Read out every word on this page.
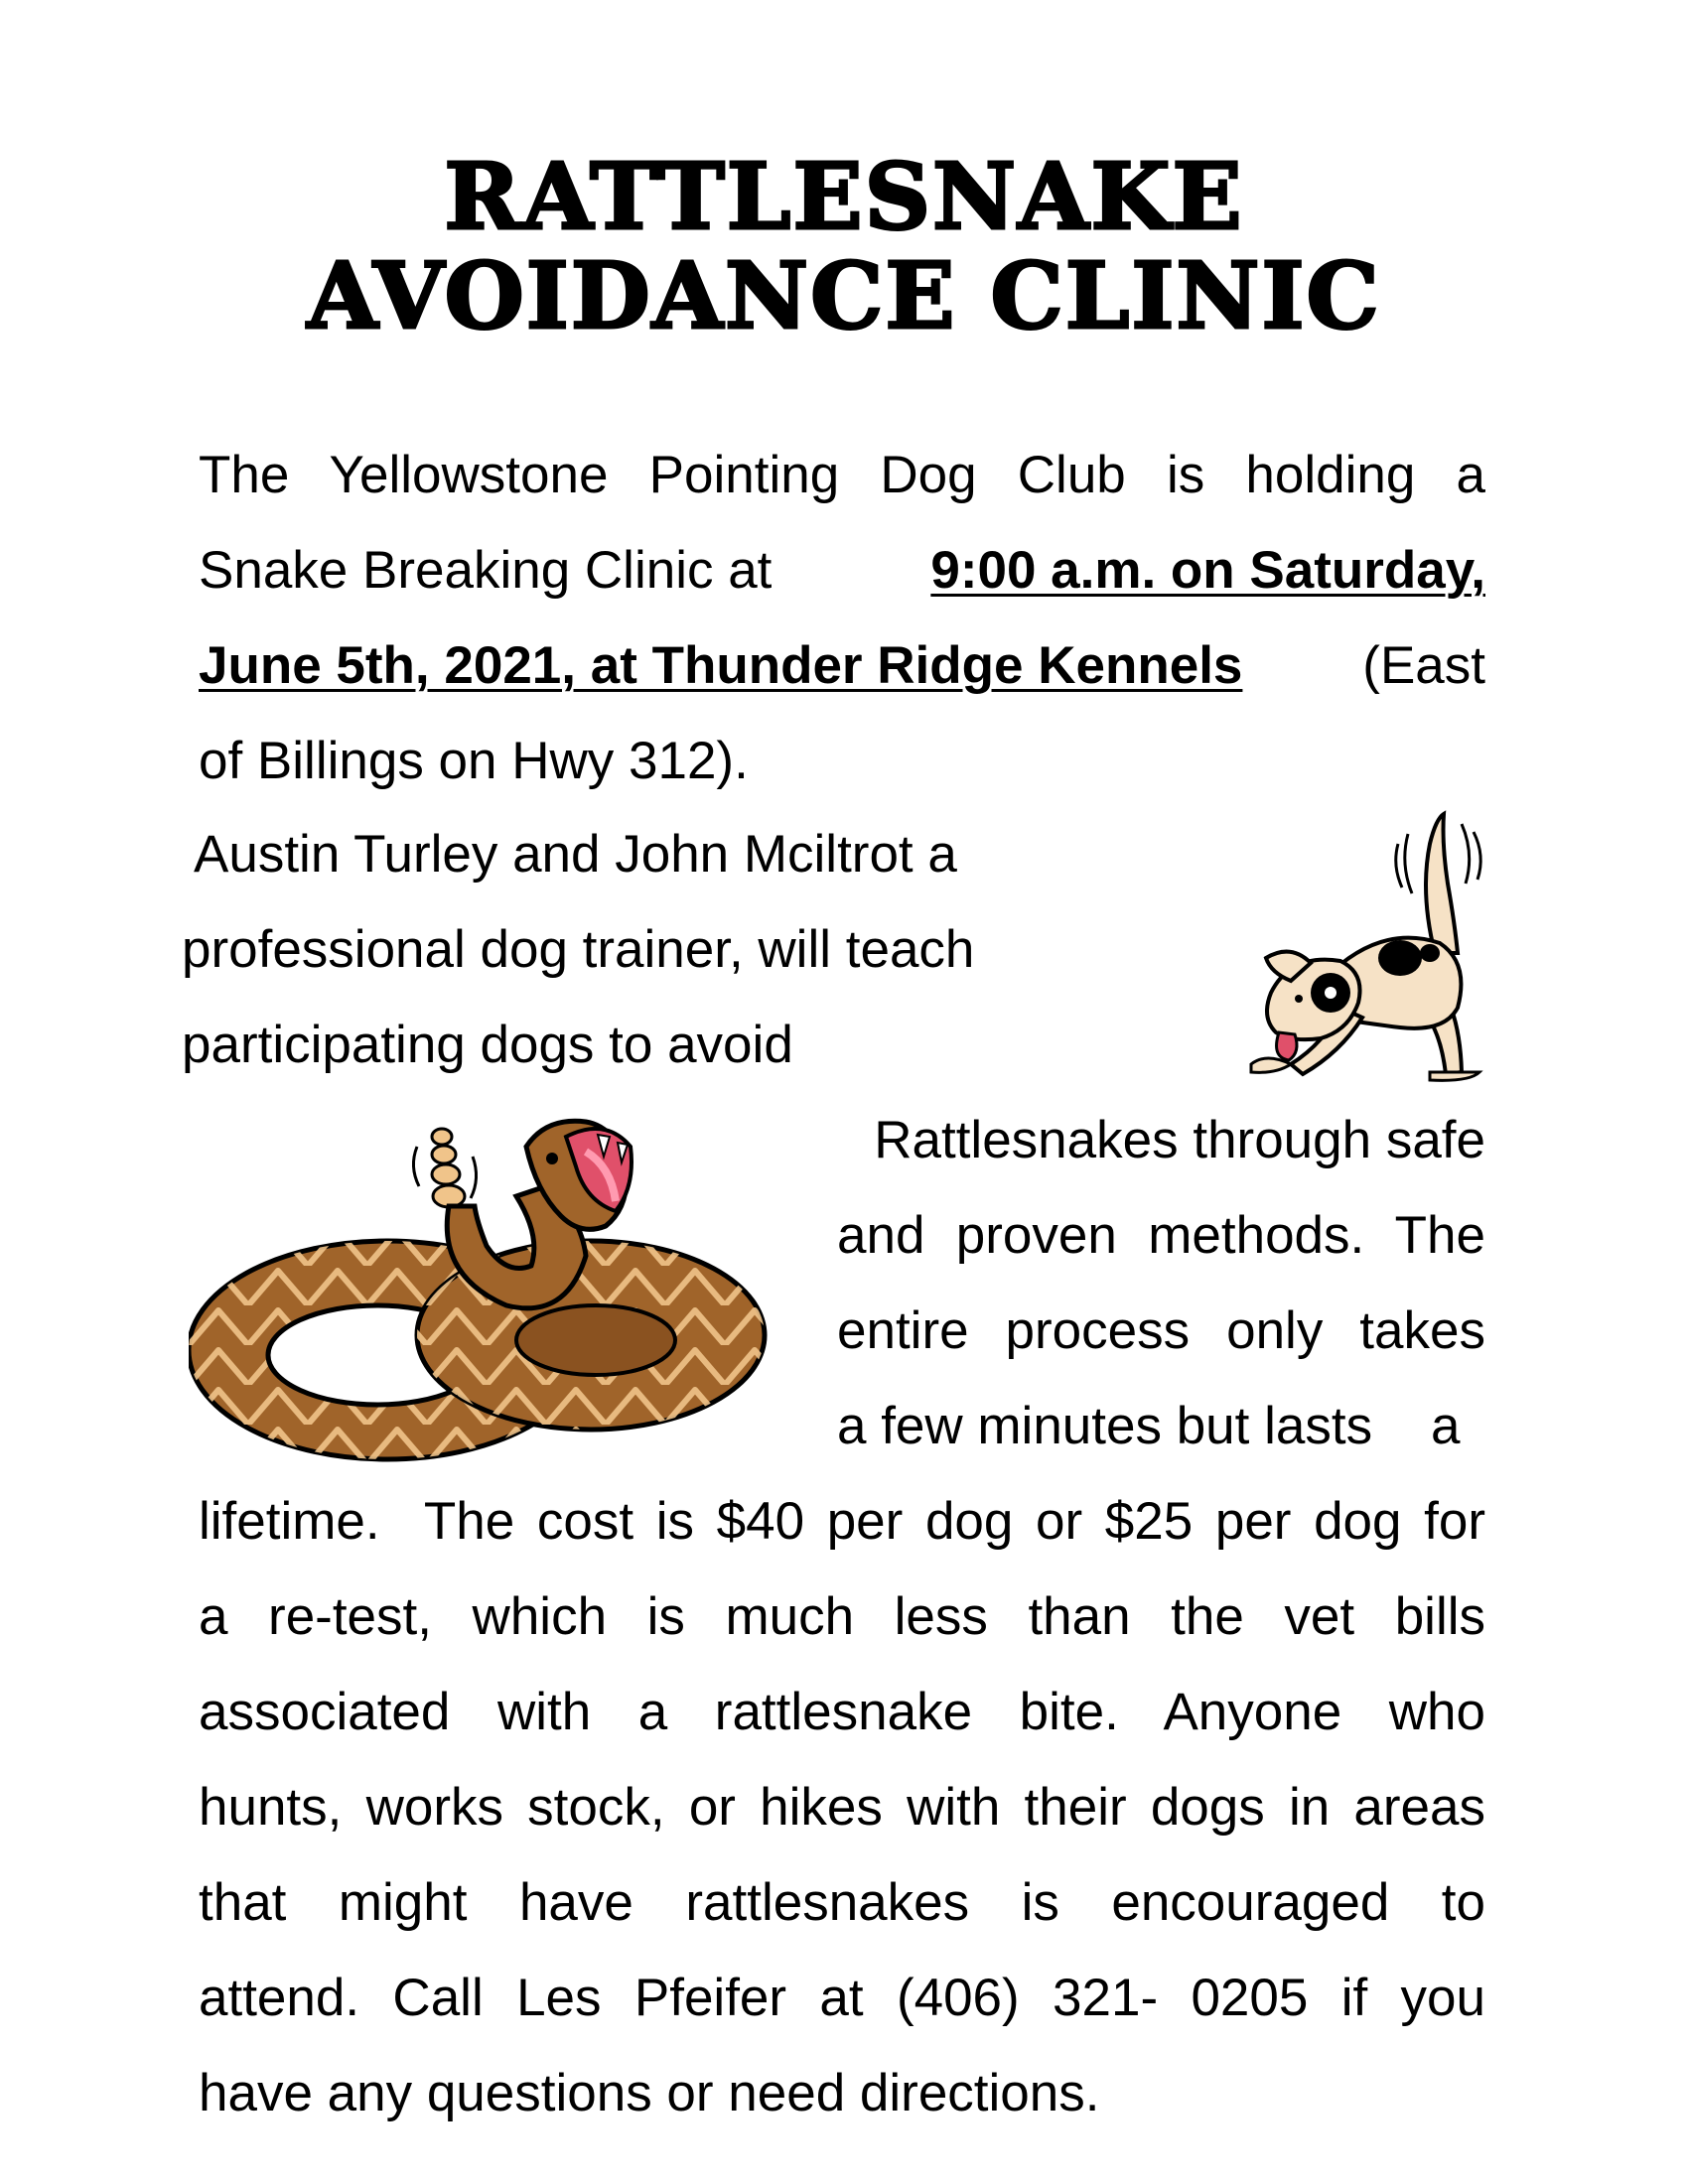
RATTLESNAKE
AVOIDANCE CLINIC
The Yellowstone Pointing Dog Club is holding a
Snake Breaking Clinic at	9:00 a.m. on Saturday,
June 5th, 2021, at Thunder Ridge Kennels (East
of Billings on Hwy 312).
Austin Turley and John Mciltrot a
professional dog trainer, will teach
participating dogs to avoid
Rattlesnakes through safe
and proven methods. The
entire process only takes
a few minutes but lasts    a
lifetime.  The cost is $40 per dog or $25 per dog for
a re-test, which is much less than the vet bills
associated with a rattlesnake bite. Anyone who
hunts, works stock, or hikes with their dogs in areas
that might have rattlesnakes is encouraged to
attend. Call Les Pfeifer at (406) 321- 0205 if you
have any questions or need directions.
